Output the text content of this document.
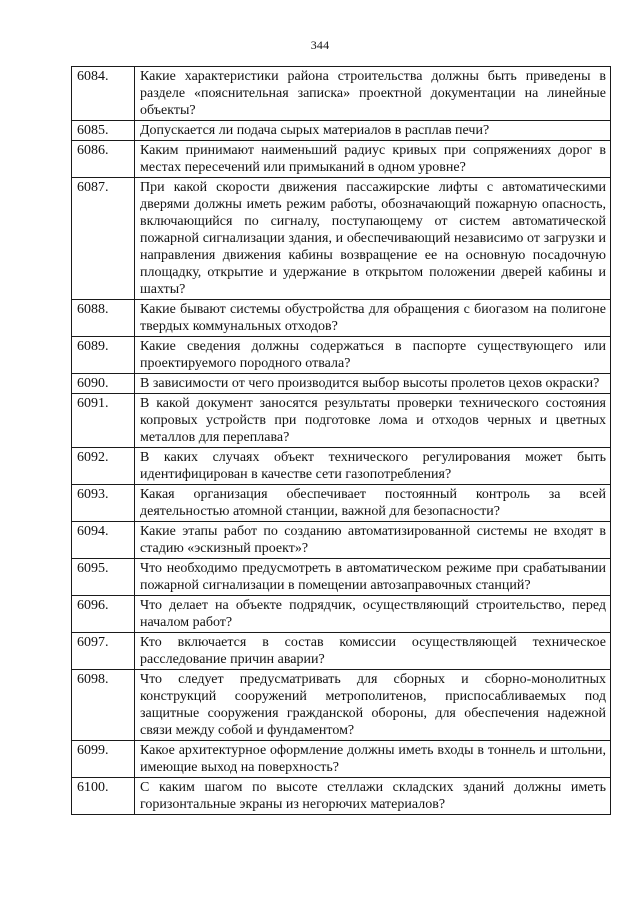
344
6084.	Какие характеристики района строительства должны быть приведены в разделе «пояснительная записка» проектной документации на линейные объекты?
6085.	Допускается ли подача сырых материалов в расплав печи?
6086.	Каким принимают наименьший радиус кривых при сопряжениях дорог в местах пересечений или примыканий в одном уровне?
6087.	При какой скорости движения пассажирские лифты с автоматическими дверями должны иметь режим работы, обозначающий пожарную опасность, включающийся по сигналу, поступающему от систем автоматической пожарной сигнализации здания, и обеспечивающий независимо от загрузки и направления движения кабины возвращение ее на основную посадочную площадку, открытие и удержание в открытом положении дверей кабины и шахты?
6088.	Какие бывают системы обустройства для обращения с биогазом на полигоне твердых коммунальных отходов?
6089.	Какие сведения должны содержаться в паспорте существующего или проектируемого породного отвала?
6090.	В зависимости от чего производится выбор высоты пролетов цехов окраски?
6091.	В какой документ заносятся результаты проверки технического состояния копровых устройств при подготовке лома и отходов черных и цветных металлов для переплава?
6092.	В каких случаях объект технического регулирования может быть идентифицирован в качестве сети газопотребления?
6093.	Какая организация обеспечивает постоянный контроль за всей деятельностью атомной станции, важной для безопасности?
6094.	Какие этапы работ по созданию автоматизированной системы не входят в стадию «эскизный проект»?
6095.	Что необходимо предусмотреть в автоматическом режиме при срабатывании пожарной сигнализации в помещении автозаправочных станций?
6096.	Что делает на объекте подрядчик, осуществляющий строительство, перед началом работ?
6097.	Кто включается в состав комиссии осуществляющей техническое расследование причин аварии?
6098.	Что следует предусматривать для сборных и сборно-монолитных конструкций сооружений метрополитенов, приспосабливаемых под защитные сооружения гражданской обороны, для обеспечения надежной связи между собой и фундаментом?
6099.	Какое архитектурное оформление должны иметь входы в тоннель и штольни, имеющие выход на поверхность?
6100.	С каким шагом по высоте стеллажи складских зданий должны иметь горизонтальные экраны из негорючих материалов?
